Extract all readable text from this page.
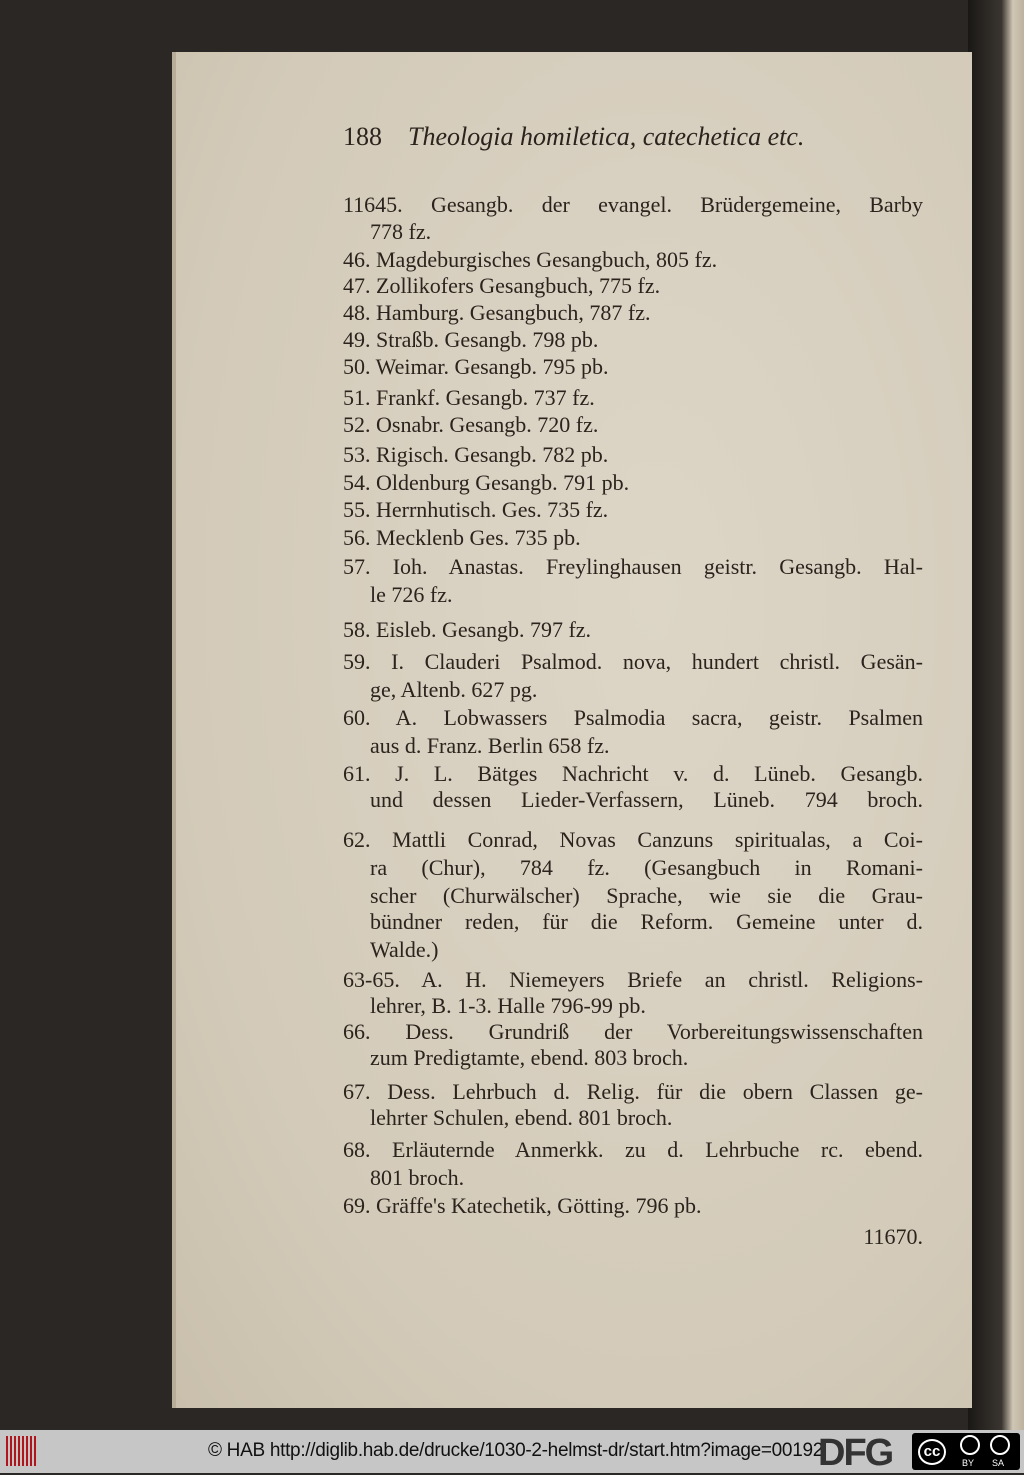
188 Theologia homiletica, catechetica etc.
11645. Gesangb. der evangel. Brüdergemeine, Barby
778 fz.
46. Magdeburgisches Gesangbuch, 805 fz.
47. Zollikofers Gesangbuch, 775 fz.
48. Hamburg. Gesangbuch, 787 fz.
49. Straßb. Gesangb. 798 pb.
50. Weimar. Gesangb. 795 pb.
51. Frankf. Gesangb. 737 fz.
52. Osnabr. Gesangb. 720 fz.
53. Rigisch. Gesangb. 782 pb.
54. Oldenburg Gesangb. 791 pb.
55. Herrnhutisch. Ges. 735 fz.
56. Mecklenb Ges. 735 pb.
57. Ioh. Anastas. Freylinghausen geistr. Gesangb. Hal-
le 726 fz.
58. Eisleb. Gesangb. 797 fz.
59. I. Clauderi Psalmod. nova, hundert christl. Gesän-
ge, Altenb. 627 pg.
60. A. Lobwassers Psalmodia sacra, geistr. Psalmen
aus d. Franz. Berlin 658 fz.
61. J. L. Bätges Nachricht v. d. Lüneb. Gesangb.
und dessen Lieder-Verfassern, Lüneb. 794 broch.
62. Mattli Conrad, Novas Canzuns spiritualas, a Coi-
ra (Chur), 784 fz. (Gesangbuch in Romani-
scher (Churwälscher) Sprache, wie sie die Grau-
bündner reden, für die Reform. Gemeine unter d.
Walde.)
63-65. A. H. Niemeyers Briefe an christl. Religions-
lehrer, B. 1-3. Halle 796-99 pb.
66. Dess. Grundriß der Vorbereitungswissenschaften
zum Predigtamte, ebend. 803 broch.
67. Dess. Lehrbuch d. Relig. für die obern Classen ge-
lehrter Schulen, ebend. 801 broch.
68. Erläuternde Anmerkk. zu d. Lehrbuche rc. ebend.
801 broch.
69. Gräffe's Katechetik, Götting. 796 pb.
11670.
© HAB http://diglib.hab.de/drucke/1030-2-helmst-dr/start.htm?image=00192
DFG	cc
BY SA
